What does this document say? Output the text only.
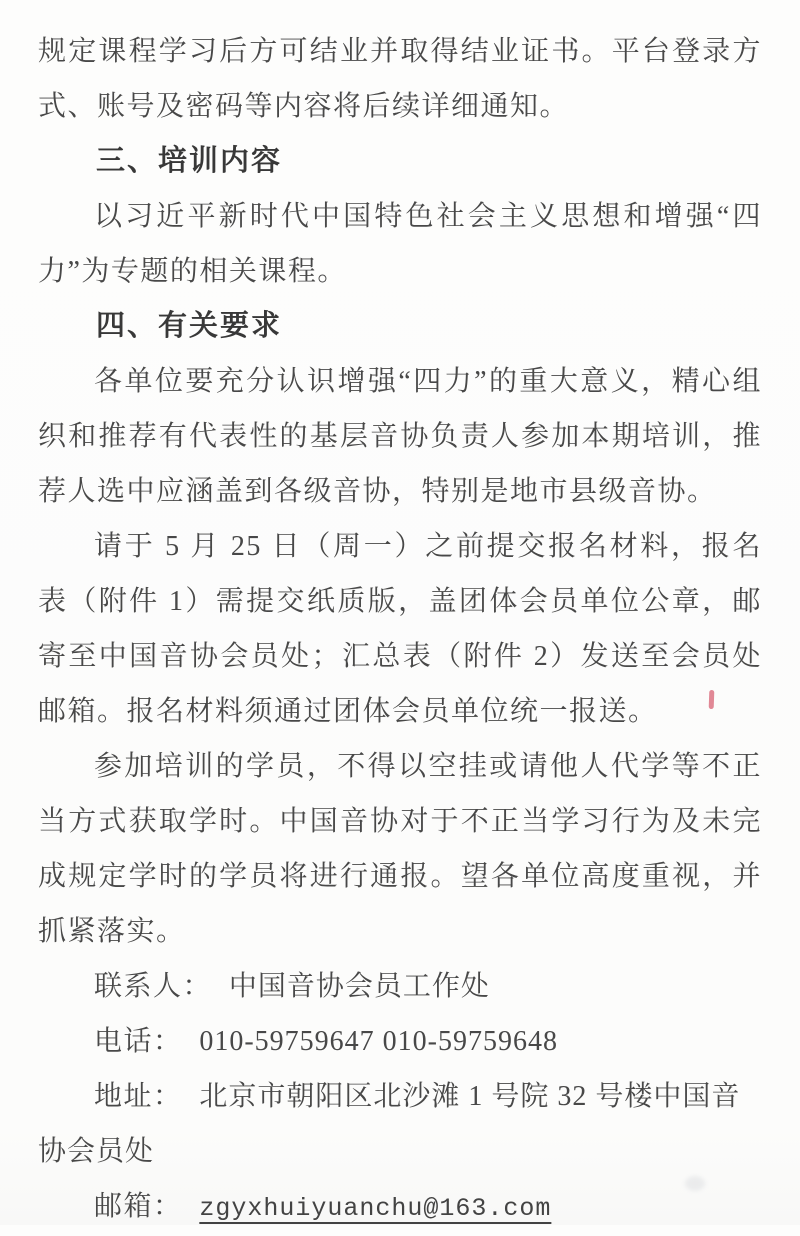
规定课程学习后方可结业并取得结业证书。平台登录方式、账号及密码等内容将后续详细通知。

三、培训内容

以习近平新时代中国特色社会主义思想和增强“四力”为专题的相关课程。

四、有关要求

各单位要充分认识增强“四力”的重大意义，精心组织和推荐有代表性的基层音协负责人参加本期培训，推荐人选中应涵盖到各级音协，特别是地市县级音协。

请于 5 月 25 日（周一）之前提交报名材料，报名表（附件 1）需提交纸质版，盖团体会员单位公章，邮寄至中国音协会员处；汇总表（附件 2）发送至会员处邮箱。报名材料须通过团体会员单位统一报送。

参加培训的学员，不得以空挂或请他人代学等不正当方式获取学时。中国音协对于不正当学习行为及未完成规定学时的学员将进行通报。望各单位高度重视，并抓紧落实。

联系人： 中国音协会员工作处

电话： 010-59759647 010-59759648

地址： 北京市朝阳区北沙滩 1 号院 32 号楼中国音协会员处

邮箱： zgyxhuiyuanchu@163.com
